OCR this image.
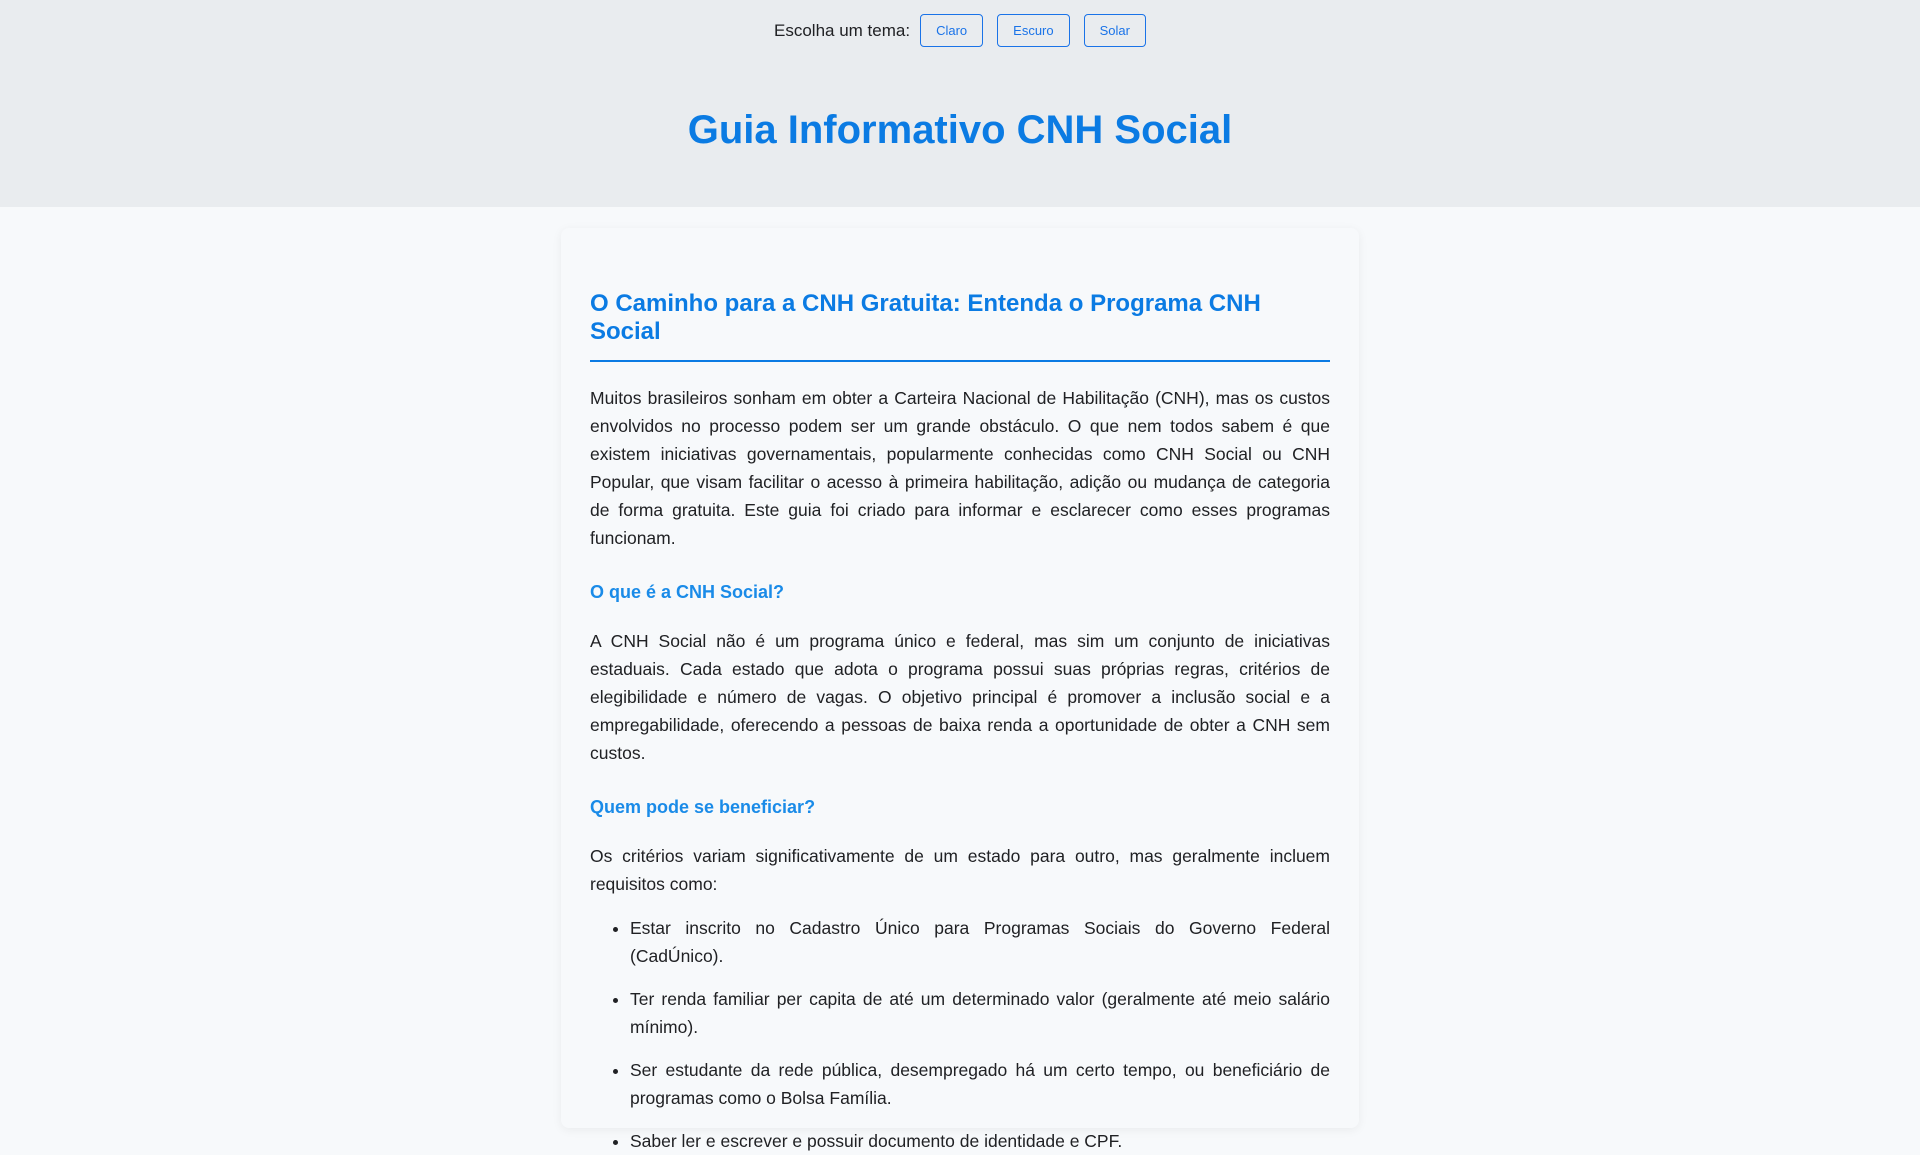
Escolha um tema:	Claro	Escuro	Solar
Guia Informativo CNH Social
O Caminho para a CNH Gratuita: Entenda o Programa CNH Social

Muitos brasileiros sonham em obter a Carteira Nacional de Habilitação (CNH), mas os custos envolvidos no processo podem ser um grande obstáculo. O que nem todos sabem é que existem iniciativas governamentais, popularmente conhecidas como CNH Social ou CNH Popular, que visam facilitar o acesso à primeira habilitação, adição ou mudança de categoria de forma gratuita. Este guia foi criado para informar e esclarecer como esses programas funcionam.

O que é a CNH Social?

A CNH Social não é um programa único e federal, mas sim um conjunto de iniciativas estaduais. Cada estado que adota o programa possui suas próprias regras, critérios de elegibilidade e número de vagas. O objetivo principal é promover a inclusão social e a empregabilidade, oferecendo a pessoas de baixa renda a oportunidade de obter a CNH sem custos.

Quem pode se beneficiar?

Os critérios variam significativamente de um estado para outro, mas geralmente incluem requisitos como:

• Estar inscrito no Cadastro Único para Programas Sociais do Governo Federal (CadÚnico).
• Ter renda familiar per capita de até um determinado valor (geralmente até meio salário mínimo).
• Ser estudante da rede pública, desempregado há um certo tempo, ou beneficiário de programas como o Bolsa Família.
• Saber ler e escrever e possuir documento de identidade e CPF.
